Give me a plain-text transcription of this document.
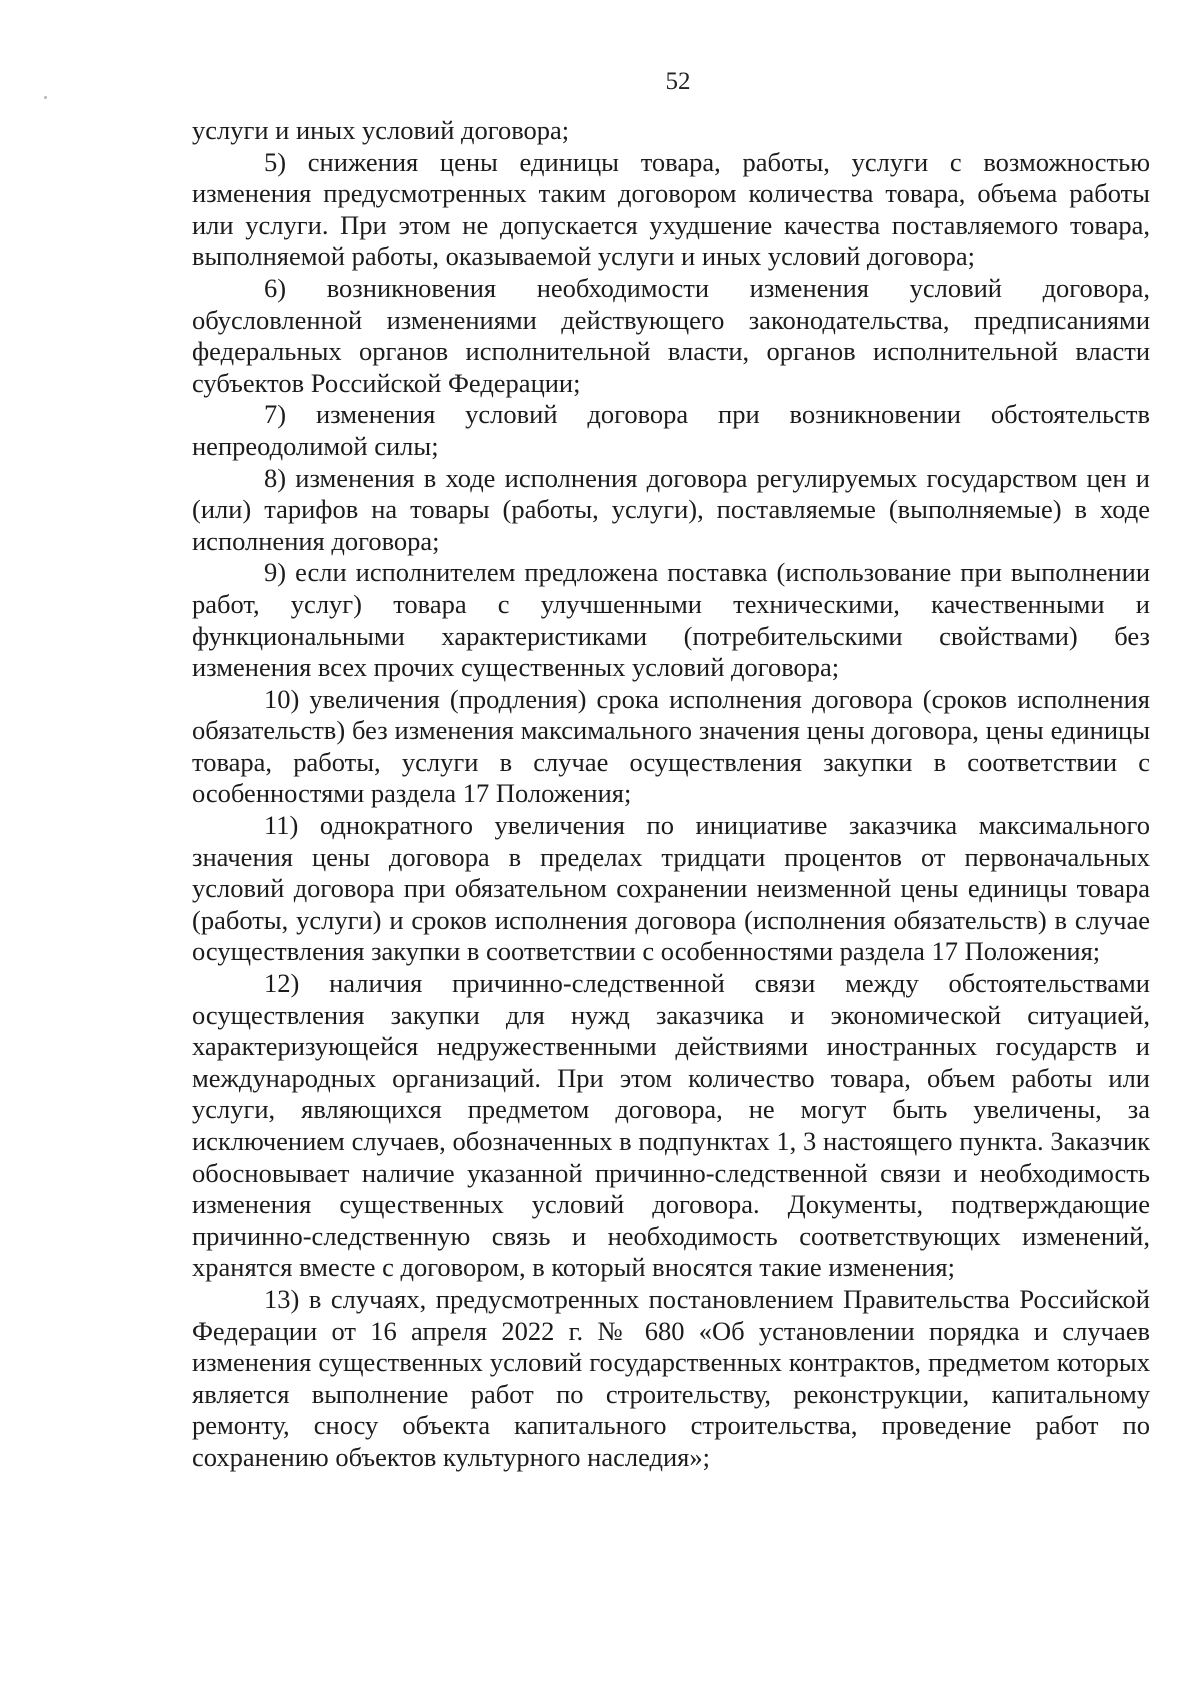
52

услуги и иных условий договора;

5) снижения цены единицы товара, работы, услуги с возможностью изменения предусмотренных таким договором количества товара, объема работы или услуги. При этом не допускается ухудшение качества поставляемого товара, выполняемой работы, оказываемой услуги и иных условий договора;

6) возникновения необходимости изменения условий договора, обусловленной изменениями действующего законодательства, предписаниями федеральных органов исполнительной власти, органов исполнительной власти субъектов Российской Федерации;

7) изменения условий договора при возникновении обстоятельств непреодолимой силы;

8) изменения в ходе исполнения договора регулируемых государством цен и (или) тарифов на товары (работы, услуги), поставляемые (выполняемые) в ходе исполнения договора;

9) если исполнителем предложена поставка (использование при выполнении работ, услуг) товара с улучшенными техническими, качественными и функциональными характеристиками (потребительскими свойствами) без изменения всех прочих существенных условий договора;

10) увеличения (продления) срока исполнения договора (сроков исполнения обязательств) без изменения максимального значения цены договора, цены единицы товара, работы, услуги в случае осуществления закупки в соответствии с особенностями раздела 17 Положения;

11) однократного увеличения по инициативе заказчика максимального значения цены договора в пределах тридцати процентов от первоначальных условий договора при обязательном сохранении неизменной цены единицы товара (работы, услуги) и сроков исполнения договора (исполнения обязательств) в случае осуществления закупки в соответствии с особенностями раздела 17 Положения;

12) наличия причинно-следственной связи между обстоятельствами осуществления закупки для нужд заказчика и экономической ситуацией, характеризующейся недружественными действиями иностранных государств и международных организаций. При этом количество товара, объем работы или услуги, являющихся предметом договора, не могут быть увеличены, за исключением случаев, обозначенных в подпунктах 1, 3 настоящего пункта. Заказчик обосновывает наличие указанной причинно-следственной связи и необходимость изменения существенных условий договора. Документы, подтверждающие причинно-следственную связь и необходимость соответствующих изменений, хранятся вместе с договором, в который вносятся такие изменения;

13) в случаях, предусмотренных постановлением Правительства Российской Федерации от 16 апреля 2022 г. № 680 «Об установлении порядка и случаев изменения существенных условий государственных контрактов, предметом которых является выполнение работ по строительству, реконструкции, капитальному ремонту, сносу объекта капитального строительства, проведение работ по сохранению объектов культурного наследия»;
